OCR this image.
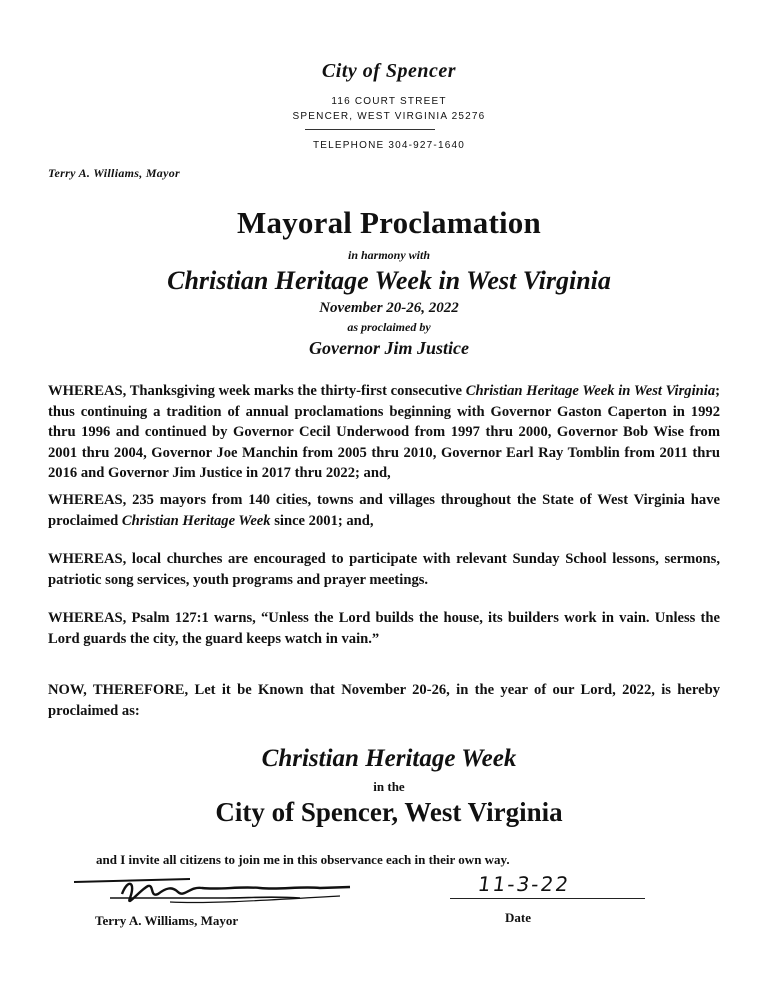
City of Spencer
116 COURT STREET
SPENCER, WEST VIRGINIA 25276
TELEPHONE 304-927-1640
Terry A. Williams, Mayor
Mayoral Proclamation
in harmony with
Christian Heritage Week in West Virginia
November 20-26, 2022
as proclaimed by
Governor Jim Justice
WHEREAS, Thanksgiving week marks the thirty-first consecutive Christian Heritage Week in West Virginia; thus continuing a tradition of annual proclamations beginning with Governor Gaston Caperton in 1992 thru 1996 and continued by Governor Cecil Underwood from 1997 thru 2000, Governor Bob Wise from 2001 thru 2004, Governor Joe Manchin from 2005 thru 2010, Governor Earl Ray Tomblin from 2011 thru 2016 and Governor Jim Justice in 2017 thru 2022; and,
WHEREAS, 235 mayors from 140 cities, towns and villages throughout the State of West Virginia have proclaimed Christian Heritage Week since 2001; and,
WHEREAS, local churches are encouraged to participate with relevant Sunday School lessons, sermons, patriotic song services, youth programs and prayer meetings.
WHEREAS, Psalm 127:1 warns, “Unless the Lord builds the house, its builders work in vain. Unless the Lord guards the city, the guard keeps watch in vain.”
NOW, THEREFORE, Let it be Known that November 20-26, in the year of our Lord, 2022, is hereby proclaimed as:
Christian Heritage Week
in the
City of Spencer, West Virginia
and I invite all citizens to join me in this observance each in their own way.
11-3-22
Terry A. Williams, Mayor	Date
